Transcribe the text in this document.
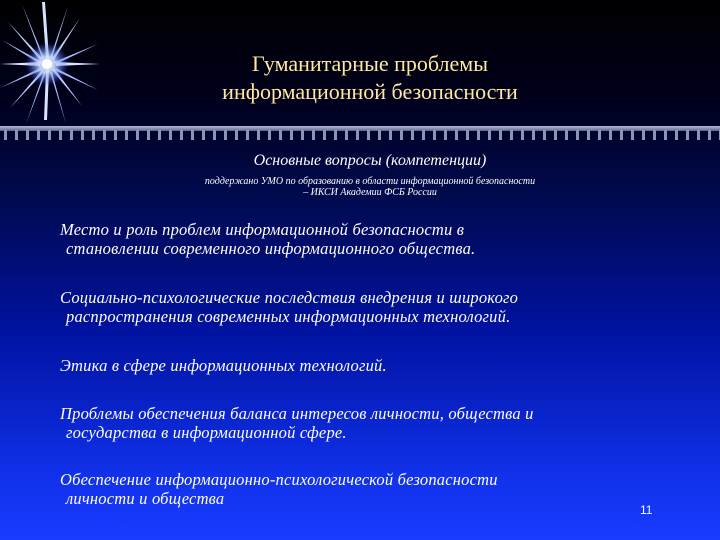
Гуманитарные проблемы
информационной безопасности
Основные вопросы (компетенции)
поддержано УМО по образованию в области информационной безопасности
– ИКСИ Академии ФСБ России
Место и роль проблем информационной безопасности в
становлении современного информационного общества.
Социально-психологические последствия внедрения и широкого
распространения современных информационных технологий.
Этика в сфере информационных технологий.
Проблемы обеспечения баланса интересов личности, общества и
государства в информационной сфере.
Обеспечение информационно-психологической безопасности
личности и общества
11
